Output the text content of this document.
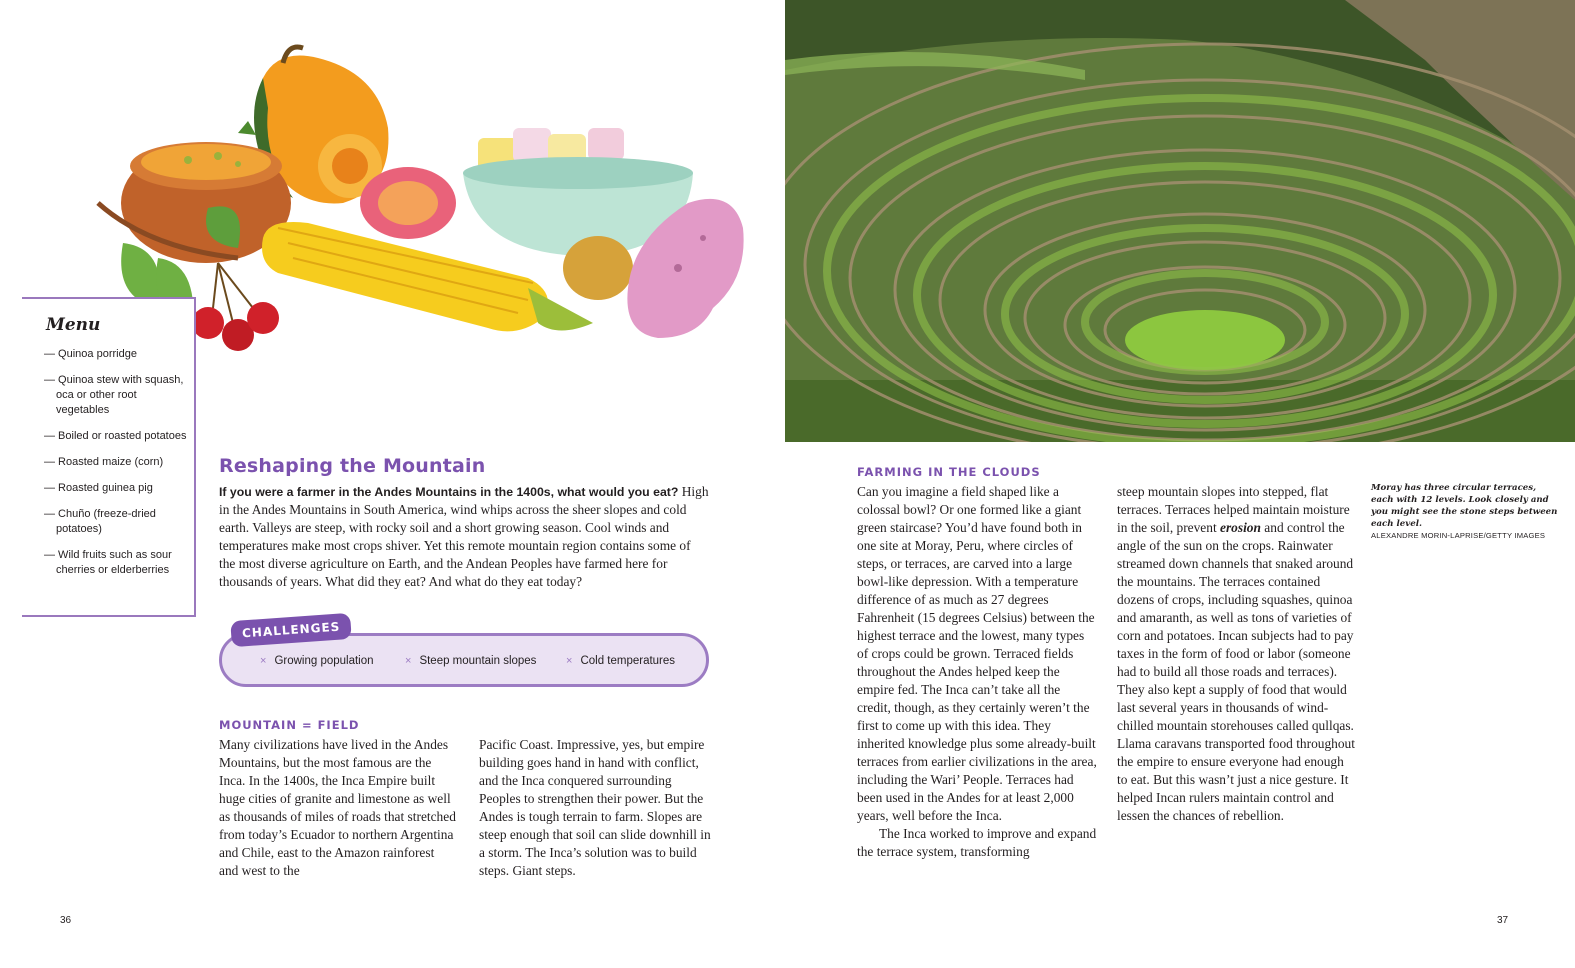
Menu
— Quinoa porridge
— Quinoa stew with squash, oca or other root vegetables
— Boiled or roasted potatoes
— Roasted maize (corn)
— Roasted guinea pig
— Chuño (freeze-dried potatoes)
— Wild fruits such as sour cherries or elderberries
Reshaping the Mountain
If you were a farmer in the Andes Mountains in the 1400s, what would you eat? High in the Andes Mountains in South America, wind whips across the sheer slopes and cold earth. Valleys are steep, with rocky soil and a short growing season. Cool winds and temperatures make most crops shiver. Yet this remote mountain region contains some of the most diverse agriculture on Earth, and the Andean Peoples have farmed here for thousands of years. What did they eat? And what do they eat today?
CHALLENGES
× Growing population	× Steep mountain slopes	× Cold temperatures
MOUNTAIN = FIELD

Many civilizations have lived in the Andes Mountains, but the most famous are the Inca. In the 1400s, the Inca Empire built huge cities of granite and limestone as well as thousands of miles of roads that stretched from today’s Ecuador to northern Argentina and Chile, east to the Amazon rainforest and west to the

Pacific Coast. Impressive, yes, but empire building goes hand in hand with conflict, and the Inca conquered surrounding Peoples to strengthen their power. But the Andes is tough terrain to farm. Slopes are steep enough that soil can slide downhill in a storm. The Inca’s solution was to build steps. Giant steps.

36
FARMING IN THE CLOUDS

Can you imagine a field shaped like a colossal bowl? Or one formed like a giant green staircase? You’d have found both in one site at Moray, Peru, where circles of steps, or terraces, are carved into a large bowl-like depression. With a temperature difference of as much as 27 degrees Fahrenheit (15 degrees Celsius) between the highest terrace and the lowest, many types of crops could be grown. Terraced fields throughout the Andes helped keep the empire fed. The Inca can’t take all the credit, though, as they certainly weren’t the first to come up with this idea. They inherited knowledge plus some already-built terraces from earlier civilizations in the area, including the Wari’ People. Terraces had been used in the Andes for at least 2,000 years, well before the Inca.

The Inca worked to improve and expand the terrace system, transforming

steep mountain slopes into stepped, flat terraces. Terraces helped maintain moisture in the soil, prevent erosion and control the angle of the sun on the crops. Rainwater streamed down channels that snaked around the mountains. The terraces contained dozens of crops, including squashes, quinoa and amaranth, as well as tons of varieties of corn and potatoes. Incan subjects had to pay taxes in the form of food or labor (someone had to build all those roads and terraces). They also kept a supply of food that would last several years in thousands of wind-chilled mountain storehouses called qullqas. Llama caravans transported food throughout the empire to ensure everyone had enough to eat. But this wasn’t just a nice gesture. It helped Incan rulers maintain control and lessen the chances of rebellion.

Moray has three circular terraces, each with 12 levels. Look closely and you might see the stone steps between each level.
ALEXANDRE MORIN-LAPRISE/GETTY IMAGES
37
